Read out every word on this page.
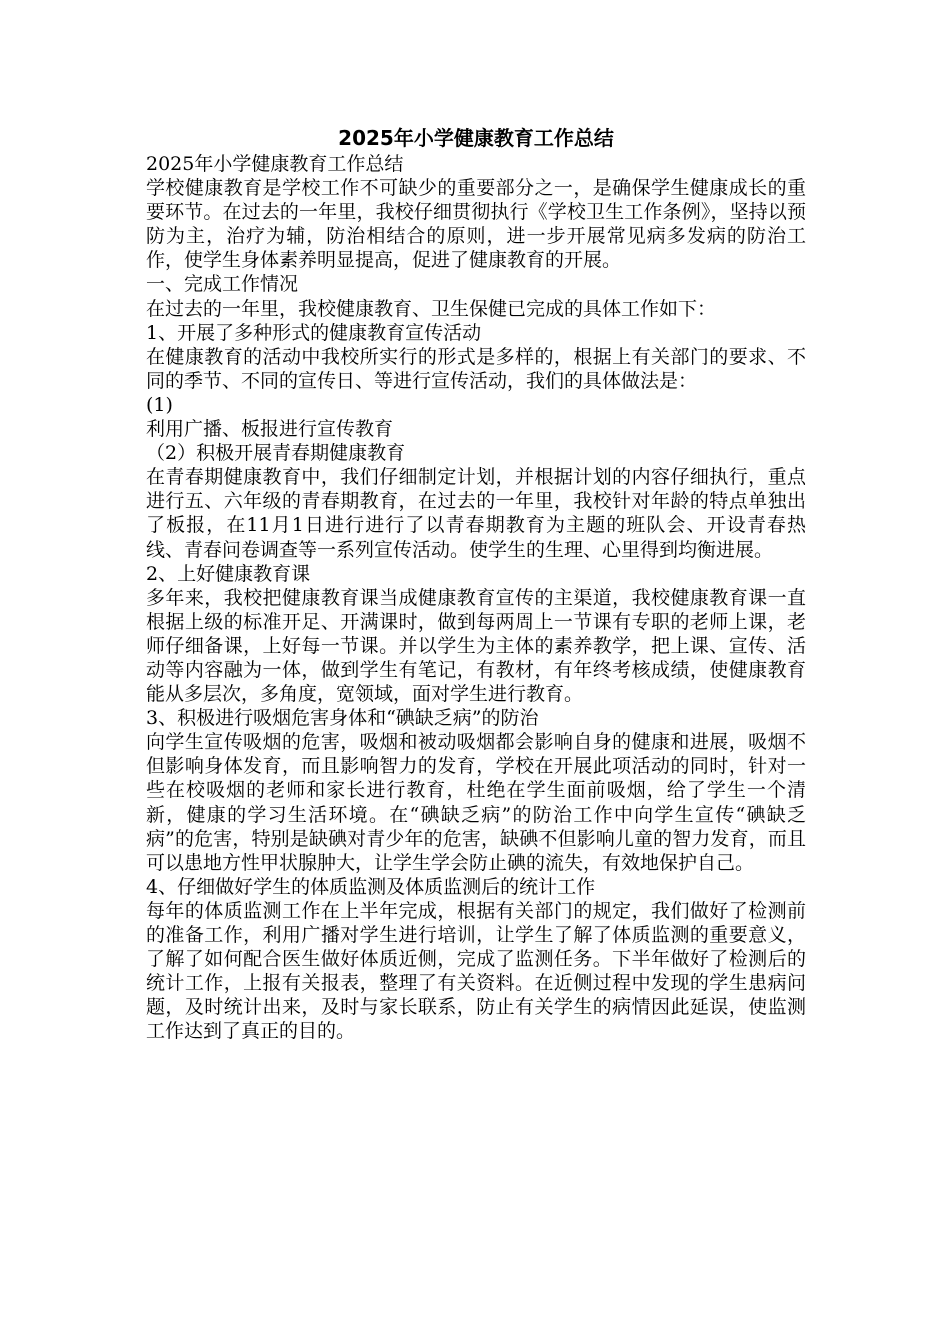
2025年小学健康教育工作总结

2025年小学健康教育工作总结

学校健康教育是学校工作不可缺少的重要部分之一，是确保学生健康成长的重要环节。在过去的一年里，我校仔细贯彻执行《学校卫生工作条例》，坚持以预防为主，治疗为辅，防治相结合的原则，进一步开展常见病多发病的防治工作，使学生身体素养明显提高，促进了健康教育的开展。

一、完成工作情况

在过去的一年里，我校健康教育、卫生保健已完成的具体工作如下：

1、开展了多种形式的健康教育宣传活动

在健康教育的活动中我校所实行的形式是多样的，根据上有关部门的要求、不同的季节、不同的宣传日、等进行宣传活动，我们的具体做法是：

(1)

利用广播、板报进行宣传教育

（2）积极开展青春期健康教育

在青春期健康教育中，我们仔细制定计划，并根据计划的内容仔细执行，重点进行五、六年级的青春期教育，在过去的一年里，我校针对年龄的特点单独出了板报，在11月1日进行进行了以青春期教育为主题的班队会、开设青春热线、青春问卷调查等一系列宣传活动。使学生的生理、心里得到均衡进展。

2、上好健康教育课

多年来，我校把健康教育课当成健康教育宣传的主渠道，我校健康教育课一直根据上级的标准开足、开满课时，做到每两周上一节课有专职的老师上课，老师仔细备课，上好每一节课。并以学生为主体的素养教学，把上课、宣传、活动等内容融为一体，做到学生有笔记，有教材，有年终考核成绩，使健康教育能从多层次，多角度，宽领域，面对学生进行教育。

3、积极进行吸烟危害身体和“碘缺乏病”的防治

向学生宣传吸烟的危害，吸烟和被动吸烟都会影响自身的健康和进展，吸烟不但影响身体发育，而且影响智力的发育，学校在开展此项活动的同时，针对一些在校吸烟的老师和家长进行教育，杜绝在学生面前吸烟，给了学生一个清新，健康的学习生活环境。在“碘缺乏病”的防治工作中向学生宣传“碘缺乏病”的危害，特别是缺碘对青少年的危害，缺碘不但影响儿童的智力发育，而且可以患地方性甲状腺肿大，让学生学会防止碘的流失，有效地保护自己。

4、仔细做好学生的体质监测及体质监测后的统计工作

每年的体质监测工作在上半年完成，根据有关部门的规定，我们做好了检测前的准备工作，利用广播对学生进行培训，让学生了解了体质监测的重要意义，了解了如何配合医生做好体质近侧，完成了监测任务。下半年做好了检测后的统计工作，上报有关报表，整理了有关资料。在近侧过程中发现的学生患病问题，及时统计出来，及时与家长联系，防止有关学生的病情因此延误，使监测工作达到了真正的目的。
